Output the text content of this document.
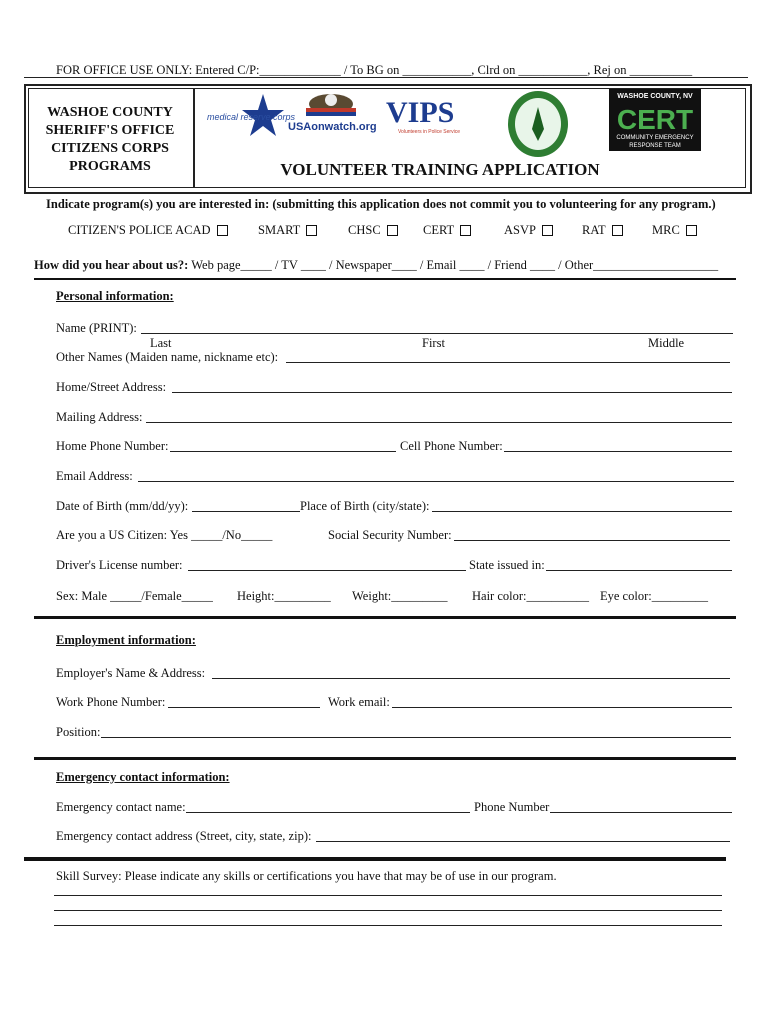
FOR OFFICE USE ONLY: Entered C/P:_____________ / To BG on ___________, Clrd on ___________, Rej on __________
WASHOE COUNTY
SHERIFF'S OFFICE
CITIZENS CORPS
PROGRAMS
medical reserve corps
USAonwatch.org VIPS
Volunteers in Police Service
WASHOE COUNTY, NV
CERT
COMMUNITY EMERGENCY
RESPONSE TEAM
VOLUNTEER TRAINING APPLICATION
Indicate program(s) you are interested in: (submitting this application does not commit you to volunteering for any program.)
CITIZEN'S POLICE ACAD	SMART	CHSC	CERT	ASVP	RAT	MRC
How did you hear about us?: Web page_____ / TV ____ / Newspaper____ / Email ____ / Friend ____ / Other____________________
Personal information:
Name (PRINT):
Last	First	Middle
Other Names (Maiden name, nickname etc):
Home/Street Address:
Mailing Address:
Home Phone Number:	Cell Phone Number:
Email Address:
Date of Birth (mm/dd/yy):	Place of Birth (city/state):
Are you a US Citizen: Yes _____/No_____	Social Security Number:
Driver's License number:	State issued in:
Sex: Male _____/Female_____ Height:_________ Weight:_________ Hair color:__________ Eye color:_________
Employment information:
Employer's Name & Address:
Work Phone Number:	Work email:
Position:
Emergency contact information:
Emergency contact name:	Phone Number
Emergency contact address (Street, city, state, zip):
Skill Survey: Please indicate any skills or certifications you have that may be of use in our program.
